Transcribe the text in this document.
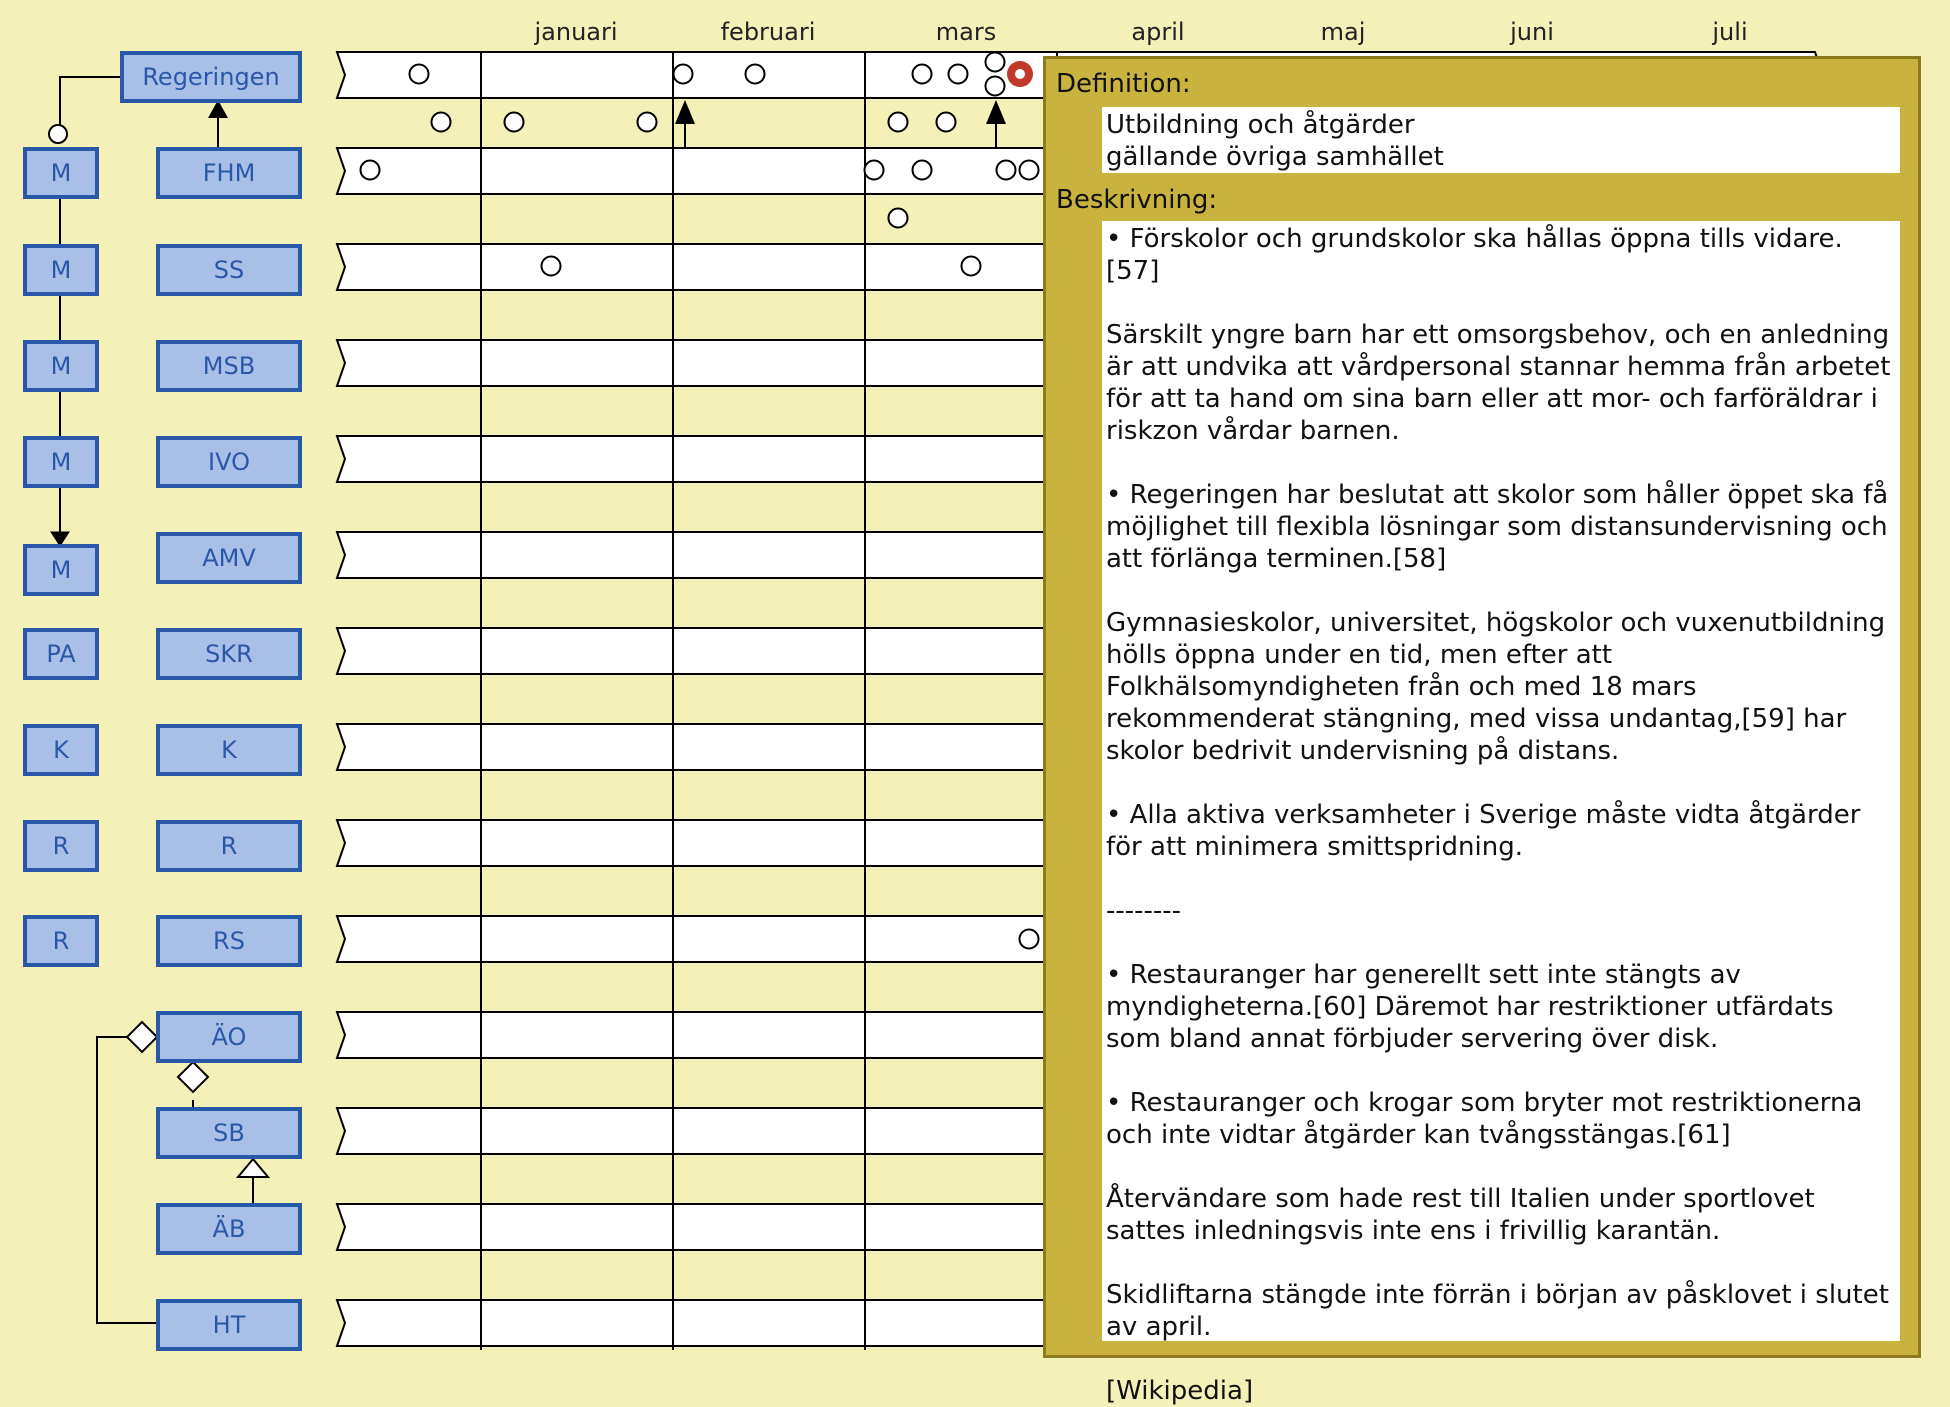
januari	februari	mars	april	maj	juni	juli
M
M
M
M
M
PA
K
R
R
Regeringen
FHM
SS
MSB
IVO
AMV
SKR
K
R
RS
ÄO
SB
ÄB
HT
Definition:
Utbildning och åtgärder
gällande övriga samhället
Beskrivning:
• Förskolor och grundskolor ska hållas öppna tills vidare.[57]

Särskilt yngre barn har ett omsorgsbehov, och en anledning är att undvika att vårdpersonal stannar hemma från arbetet för att ta hand om sina barn eller att mor- och farföräldrar i riskzon vårdar barnen.

• Regeringen har beslutat att skolor som håller öppet ska få möjlighet till flexibla lösningar som distansundervisning och att förlänga terminen.[58]

Gymnasieskolor, universitet, högskolor och vuxenutbildning hölls öppna under en tid, men efter att Folkhälsomyndigheten från och med 18 mars rekommenderat stängning, med vissa undantag,[59] har skolor bedrivit undervisning på distans.

• Alla aktiva verksamheter i Sverige måste vidta åtgärder för att minimera smittspridning.

--------

• Restauranger har generellt sett inte stängts av myndigheterna.[60] Däremot har restriktioner utfärdats som bland annat förbjuder servering över disk.

• Restauranger och krogar som bryter mot restriktionerna och inte vidtar åtgärder kan tvångsstängas.[61]

Återvändare som hade rest till Italien under sportlovet sattes inledningsvis inte ens i frivillig karantän.

Skidliftarna stängde inte förrän i början av påsklovet i slutet av april.

[Wikipedia]
